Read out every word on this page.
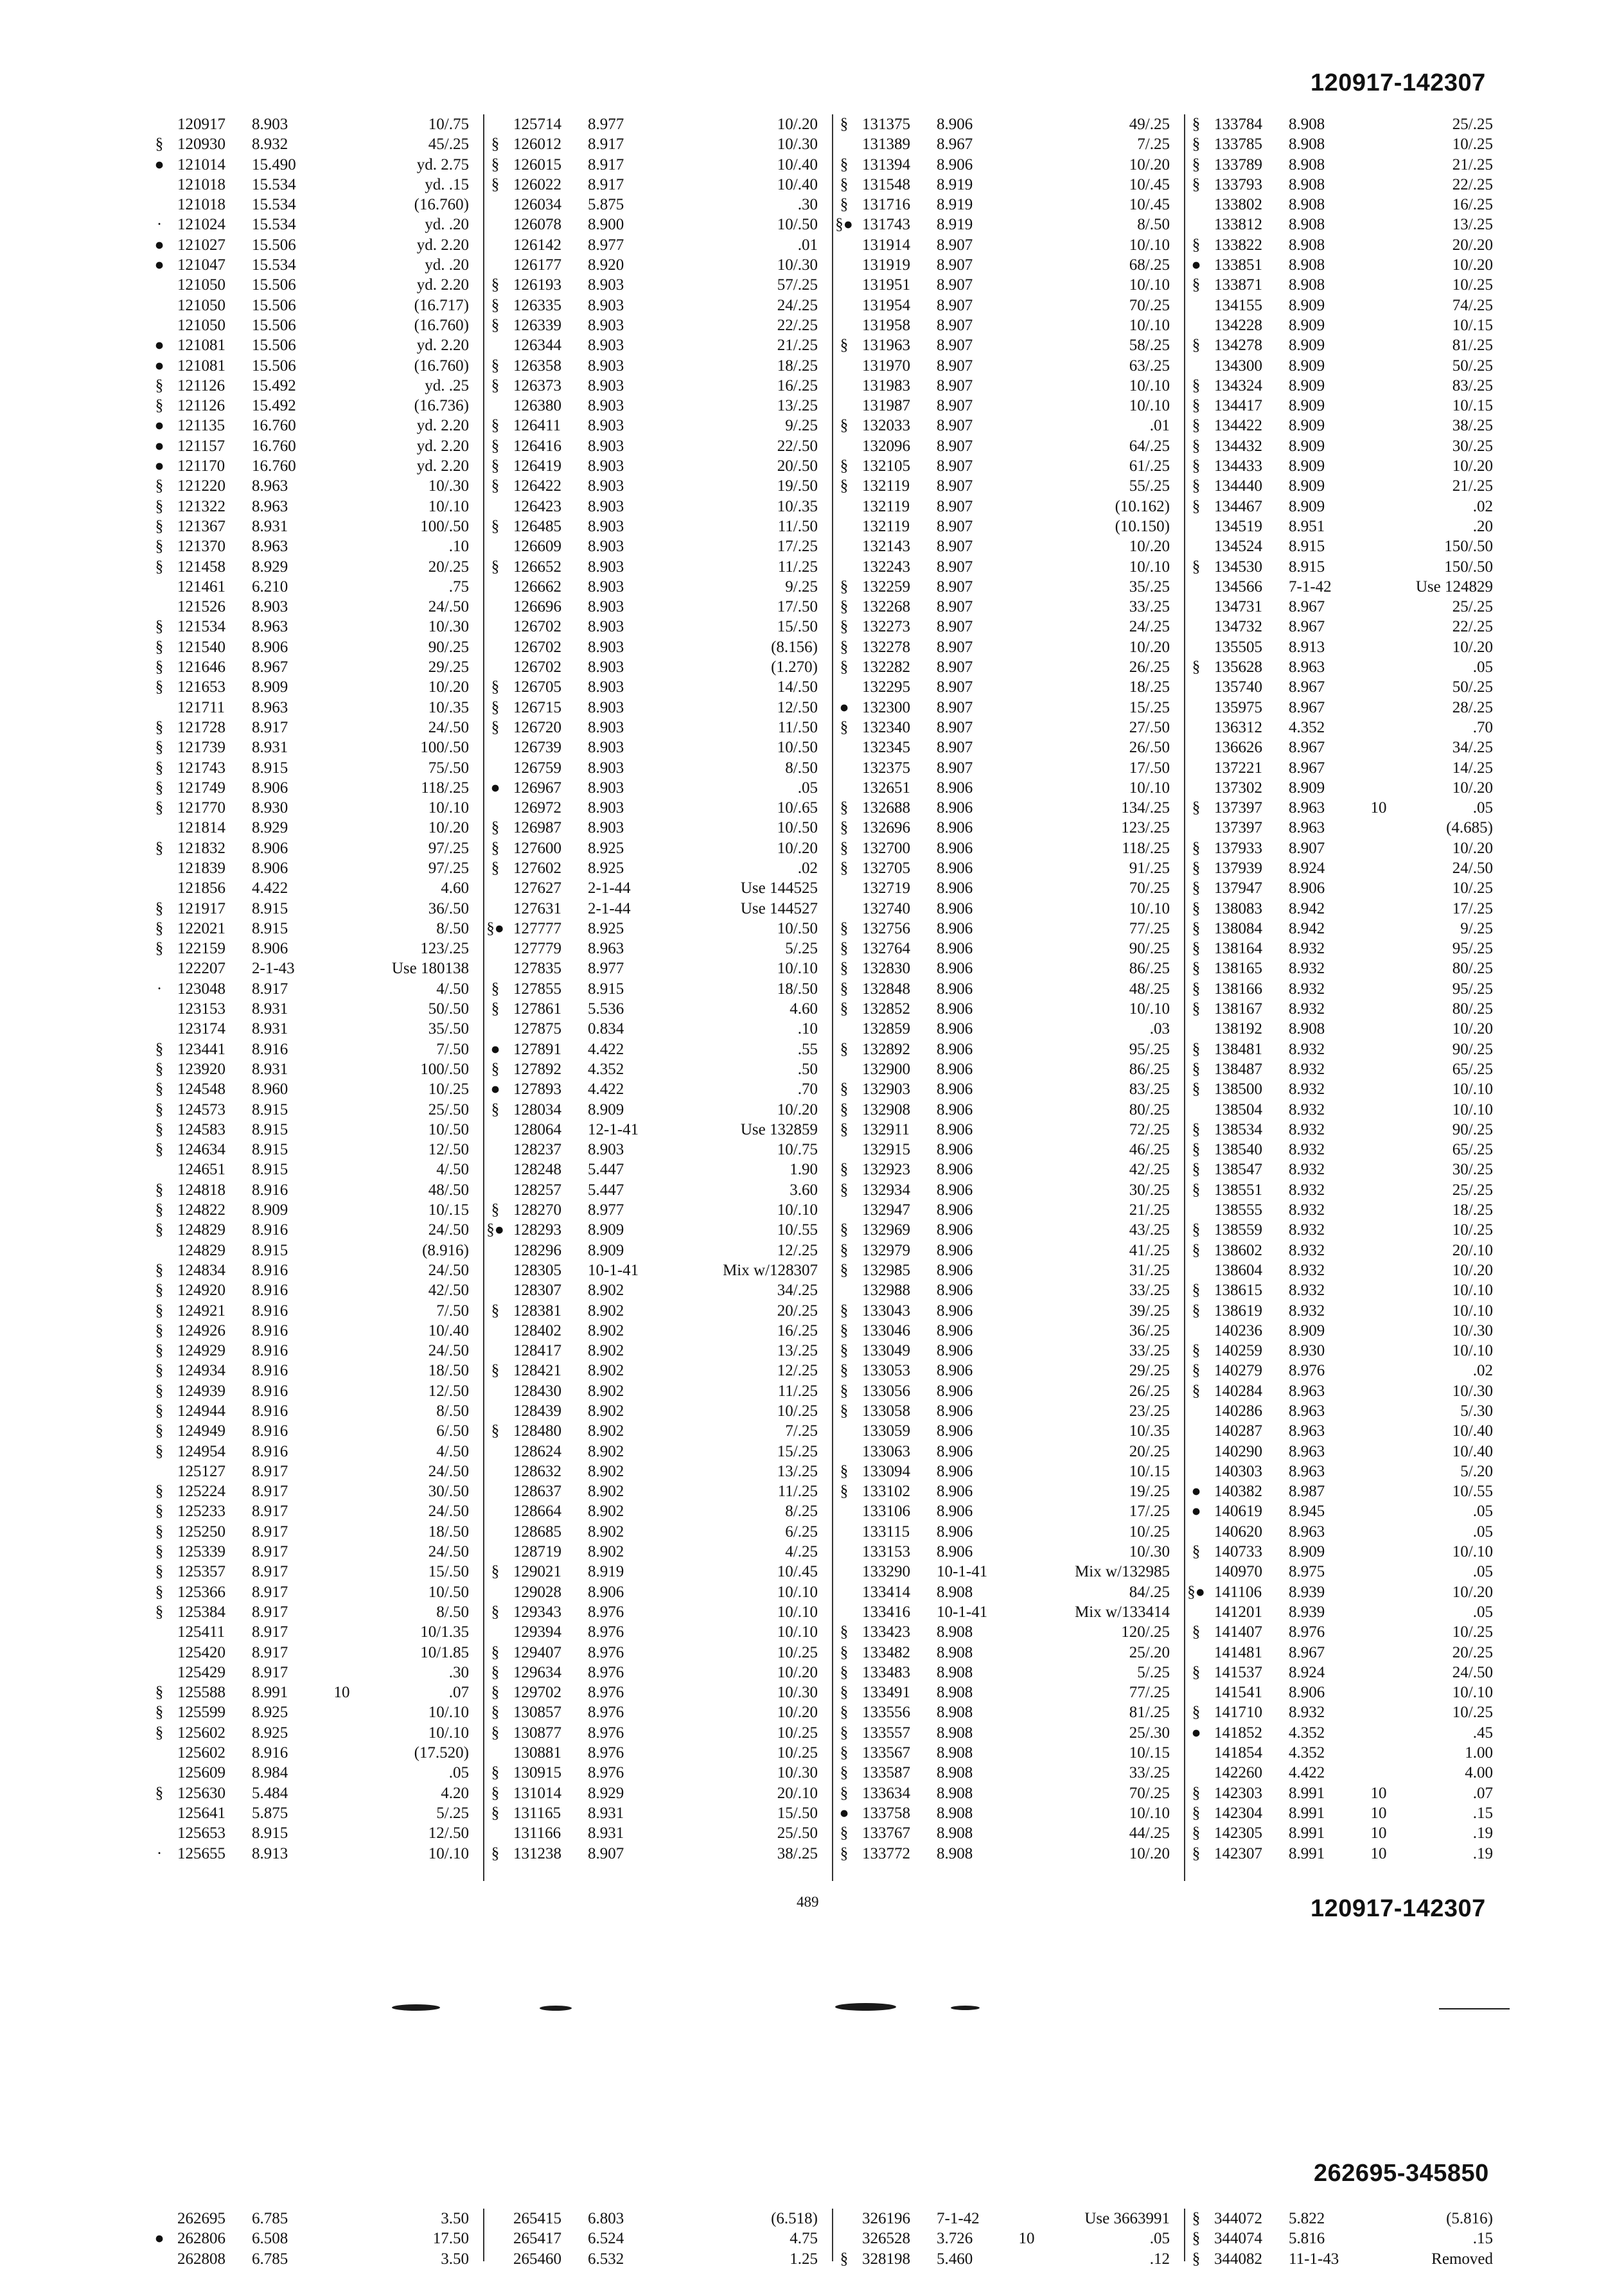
120917-142307
120917 8.903	10/.75
§ 120930 8.932	45/.25
● 121014 15.490	yd. 2.75
121018 15.534	yd. .15
121018 15.534	(16.760)
· 121024 15.534	yd. .20
● 121027 15.506	yd. 2.20
● 121047 15.534	yd. .20
121050 15.506	yd. 2.20
121050 15.506	(16.717)
121050 15.506	(16.760)
● 121081 15.506	yd. 2.20
● 121081 15.506	(16.760)
§ 121126 15.492	yd. .25
§ 121126 15.492	(16.736)
● 121135 16.760	yd. 2.20
● 121157 16.760	yd. 2.20
● 121170 16.760	yd. 2.20
§ 121220 8.963	10/.30
§ 121322 8.963	10/.10
§ 121367 8.931	100/.50
§ 121370 8.963	.10
§ 121458 8.929	20/.25
121461 6.210	.75
121526 8.903	24/.50
§ 121534 8.963	10/.30
§ 121540 8.906	90/.25
§ 121646 8.967	29/.25
§ 121653 8.909	10/.20
121711 8.963	10/.35
§ 121728 8.917	24/.50
§ 121739 8.931	100/.50
§ 121743 8.915	75/.50
§ 121749 8.906	118/.25
§ 121770 8.930	10/.10
121814 8.929	10/.20
§ 121832 8.906	97/.25
121839 8.906	97/.25
121856 4.422	4.60
§ 121917 8.915	36/.50
§ 122021 8.915	8/.50
§ 122159 8.906	123/.25
122207 2-1-43	Use 180138
· 123048 8.917	4/.50
123153 8.931	50/.50
123174 8.931	35/.50
§ 123441 8.916	7/.50
§ 123920 8.931	100/.50
§ 124548 8.960	10/.25
§ 124573 8.915	25/.50
§ 124583 8.915	10/.50
§ 124634 8.915	12/.50
124651 8.915	4/.50
§ 124818 8.916	48/.50
§ 124822 8.909	10/.15
§ 124829 8.916	24/.50
124829 8.915	(8.916)
§ 124834 8.916	24/.50
§ 124920 8.916	42/.50
§ 124921 8.916	7/.50
§ 124926 8.916	10/.40
§ 124929 8.916	24/.50
§ 124934 8.916	18/.50
§ 124939 8.916	12/.50
§ 124944 8.916	8/.50
§ 124949 8.916	6/.50
§ 124954 8.916	4/.50
125127 8.917	24/.50
§ 125224 8.917	30/.50
§ 125233 8.917	24/.50
§ 125250 8.917	18/.50
§ 125339 8.917	24/.50
§ 125357 8.917	15/.50
§ 125366 8.917	10/.50
§ 125384 8.917	8/.50
125411 8.917	10/1.35
125420 8.917	10/1.85
125429 8.917	.30
§ 125588 8.991	10	.07
§ 125599 8.925	10/.10
§ 125602 8.925	10/.10
125602 8.916	(17.520)
125609 8.984	.05
§ 125630 5.484	4.20
125641 5.875	5/.25
125653 8.915	12/.50
· 125655 8.913	10/.10
125714 8.977	10/.20
§ 126012 8.917	10/.30
§ 126015 8.917	10/.40
§ 126022 8.917	10/.40
126034 5.875	.30
126078 8.900	10/.50
126142 8.977	.01
126177 8.920	10/.30
§ 126193 8.903	57/.25
§ 126335 8.903	24/.25
§ 126339 8.903	22/.25
126344 8.903	21/.25
§ 126358 8.903	18/.25
§ 126373 8.903	16/.25
126380 8.903	13/.25
§ 126411 8.903	9/.25
§ 126416 8.903	22/.50
§ 126419 8.903	20/.50
§ 126422 8.903	19/.50
126423 8.903	10/.35
§ 126485 8.903	11/.50
126609 8.903	17/.25
§ 126652 8.903	11/.25
126662 8.903	9/.25
126696 8.903	17/.50
126702 8.903	15/.50
126702 8.903	(8.156)
126702 8.903	(1.270)
§ 126705 8.903	14/.50
§ 126715 8.903	12/.50
§ 126720 8.903	11/.50
126739 8.903	10/.50
126759 8.903	8/.50
● 126967 8.903	.05
126972 8.903	10/.65
§ 126987 8.903	10/.50
§ 127600 8.925	10/.20
§ 127602 8.925	.02
127627 2-1-44	Use 144525
127631 2-1-44	Use 144527
§● 127777 8.925	10/.50
127779 8.963	5/.25
127835 8.977	10/.10
§ 127855 8.915	18/.50
§ 127861 5.536	4.60
127875 0.834	.10
● 127891 4.422	.55
§ 127892 4.352	.50
● 127893 4.422	.70
§ 128034 8.909	10/.20
128064 12-1-41	Use 132859
128237 8.903	10/.75
128248 5.447	1.90
128257 5.447	3.60
§ 128270 8.977	10/.10
§● 128293 8.909	10/.55
128296 8.909	12/.25
128305 10-1-41	Mix w/128307
128307 8.902	34/.25
§ 128381 8.902	20/.25
128402 8.902	16/.25
128417 8.902	13/.25
§ 128421 8.902	12/.25
128430 8.902	11/.25
128439 8.902	10/.25
§ 128480 8.902	7/.25
128624 8.902	15/.25
128632 8.902	13/.25
128637 8.902	11/.25
128664 8.902	8/.25
128685 8.902	6/.25
128719 8.902	4/.25
§ 129021 8.919	10/.45
129028 8.906	10/.10
§ 129343 8.976	10/.10
129394 8.976	10/.10
§ 129407 8.976	10/.25
§ 129634 8.976	10/.20
§ 129702 8.976	10/.30
§ 130857 8.976	10/.20
§ 130877 8.976	10/.25
130881 8.976	10/.25
§ 130915 8.976	10/.30
§ 131014 8.929	20/.10
§ 131165 8.931	15/.50
131166 8.931	25/.50
§ 131238 8.907	38/.25
§ 131375 8.906	49/.25
131389 8.967	7/.25
§ 131394 8.906	10/.20
§ 131548 8.919	10/.45
§ 131716 8.919	10/.45
§● 131743 8.919	8/.50
131914 8.907	10/.10
131919 8.907	68/.25
131951 8.907	10/.10
131954 8.907	70/.25
131958 8.907	10/.10
§ 131963 8.907	58/.25
131970 8.907	63/.25
131983 8.907	10/.10
131987 8.907	10/.10
§ 132033 8.907	.01
132096 8.907	64/.25
§ 132105 8.907	61/.25
§ 132119 8.907	55/.25
132119 8.907	(10.162)
132119 8.907	(10.150)
132143 8.907	10/.20
132243 8.907	10/.10
§ 132259 8.907	35/.25
§ 132268 8.907	33/.25
§ 132273 8.907	24/.25
§ 132278 8.907	10/.20
§ 132282 8.907	26/.25
132295 8.907	18/.25
● 132300 8.907	15/.25
§ 132340 8.907	27/.50
132345 8.907	26/.50
132375 8.907	17/.50
132651 8.906	10/.10
§ 132688 8.906	134/.25
§ 132696 8.906	123/.25
§ 132700 8.906	118/.25
§ 132705 8.906	91/.25
132719 8.906	70/.25
132740 8.906	10/.10
§ 132756 8.906	77/.25
§ 132764 8.906	90/.25
§ 132830 8.906	86/.25
§ 132848 8.906	48/.25
§ 132852 8.906	10/.10
132859 8.906	.03
§ 132892 8.906	95/.25
132900 8.906	86/.25
§ 132903 8.906	83/.25
§ 132908 8.906	80/.25
§ 132911 8.906	72/.25
132915 8.906	46/.25
§ 132923 8.906	42/.25
§ 132934 8.906	30/.25
132947 8.906	21/.25
§ 132969 8.906	43/.25
§ 132979 8.906	41/.25
§ 132985 8.906	31/.25
132988 8.906	33/.25
§ 133043 8.906	39/.25
§ 133046 8.906	36/.25
§ 133049 8.906	33/.25
§ 133053 8.906	29/.25
§ 133056 8.906	26/.25
§ 133058 8.906	23/.25
133059 8.906	10/.35
133063 8.906	20/.25
§ 133094 8.906	10/.15
§ 133102 8.906	19/.25
133106 8.906	17/.25
133115 8.906	10/.25
133153 8.906	10/.30
133290 10-1-41	Mix w/132985
133414 8.908	84/.25
133416 10-1-41	Mix w/133414
§ 133423 8.908	120/.25
§ 133482 8.908	25/.20
§ 133483 8.908	5/.25
§ 133491 8.908	77/.25
§ 133556 8.908	81/.25
§ 133557 8.908	25/.30
§ 133567 8.908	10/.15
§ 133587 8.908	33/.25
§ 133634 8.908	70/.25
● 133758 8.908	10/.10
§ 133767 8.908	44/.25
§ 133772 8.908	10/.20
§ 133784 8.908	25/.25
§ 133785 8.908	10/.25
§ 133789 8.908	21/.25
§ 133793 8.908	22/.25
133802 8.908	16/.25
133812 8.908	13/.25
§ 133822 8.908	20/.20
● 133851 8.908	10/.20
§ 133871 8.908	10/.25
134155 8.909	74/.25
134228 8.909	10/.15
§ 134278 8.909	81/.25
134300 8.909	50/.25
§ 134324 8.909	83/.25
§ 134417 8.909	10/.15
§ 134422 8.909	38/.25
§ 134432 8.909	30/.25
§ 134433 8.909	10/.20
§ 134440 8.909	21/.25
§ 134467 8.909	.02
134519 8.951	.20
134524 8.915	150/.50
§ 134530 8.915	150/.50
134566 7-1-42	Use 124829
134731 8.967	25/.25
134732 8.967	22/.25
135505 8.913	10/.20
§ 135628 8.963	.05
135740 8.967	50/.25
135975 8.967	28/.25
136312 4.352	.70
136626 8.967	34/.25
137221 8.967	14/.25
137302 8.909	10/.20
§ 137397 8.963	10	.05
137397 8.963	(4.685)
§ 137933 8.907	10/.20
§ 137939 8.924	24/.50
§ 137947 8.906	10/.25
§ 138083 8.942	17/.25
§ 138084 8.942	9/.25
§ 138164 8.932	95/.25
§ 138165 8.932	80/.25
§ 138166 8.932	95/.25
§ 138167 8.932	80/.25
138192 8.908	10/.20
§ 138481 8.932	90/.25
§ 138487 8.932	65/.25
§ 138500 8.932	10/.10
138504 8.932	10/.10
§ 138534 8.932	90/.25
§ 138540 8.932	65/.25
§ 138547 8.932	30/.25
§ 138551 8.932	25/.25
138555 8.932	18/.25
§ 138559 8.932	10/.25
§ 138602 8.932	20/.10
138604 8.932	10/.20
§ 138615 8.932	10/.10
§ 138619 8.932	10/.10
140236 8.909	10/.30
§ 140259 8.930	10/.10
§ 140279 8.976	.02
§ 140284 8.963	10/.30
140286 8.963	5/.30
140287 8.963	10/.40
140290 8.963	10/.40
140303 8.963	5/.20
● 140382 8.987	10/.55
● 140619 8.945	.05
140620 8.963	.05
§ 140733 8.909	10/.10
140970 8.975	.05
§● 141106 8.939	10/.20
141201 8.939	.05
§ 141407 8.976	10/.25
141481 8.967	20/.25
§ 141537 8.924	24/.50
141541 8.906	10/.10
§ 141710 8.932	10/.25
● 141852 4.352	.45
141854 4.352	1.00
142260 4.422	4.00
§ 142303 8.991	10	.07
§ 142304 8.991	10	.15
§ 142305 8.991	10	.19
§ 142307 8.991	10	.19
489	120917-142307
262695-345850
262695 6.785	3.50
● 262806 6.508	17.50
262808 6.785	3.50
265415 6.803	(6.518)
265417 6.524	4.75
265460 6.532	1.25
326196 7-1-42	Use 3663991
326528 3.726	10	.05
§ 328198 5.460	.12
§ 344072 5.822	(5.816)
§ 344074 5.816	.15
§ 344082 11-1-43	Removed
